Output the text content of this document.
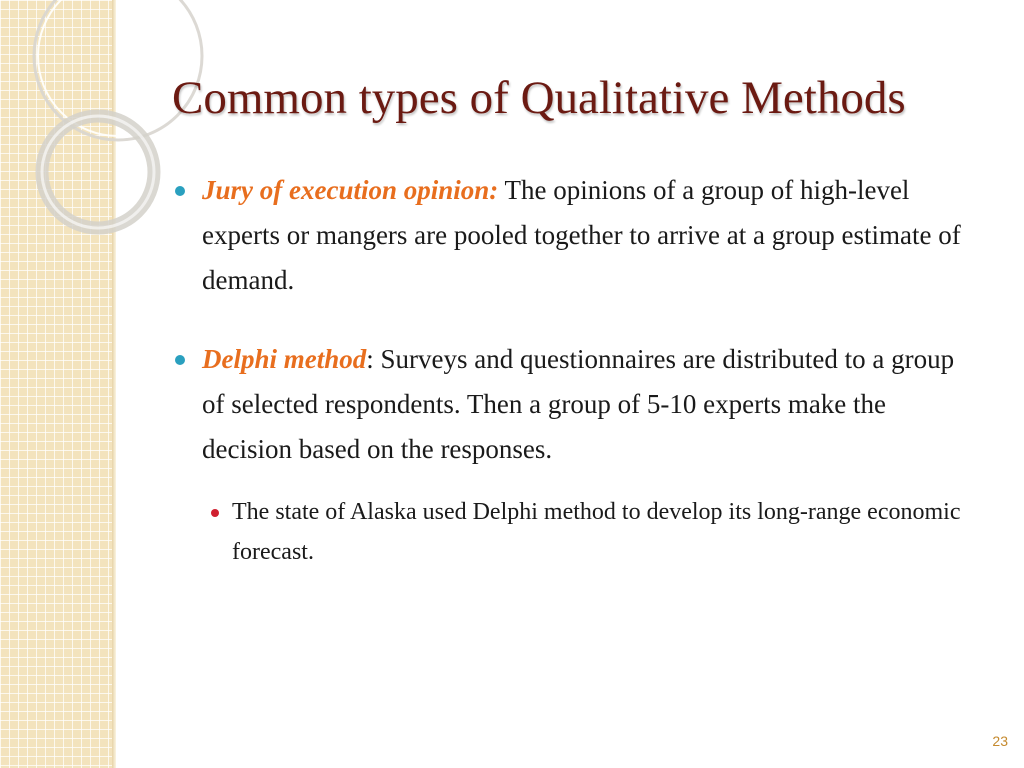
Common types of Qualitative Methods
Jury of execution opinion: The opinions of a group of high-level experts or mangers are pooled together to arrive at a group estimate of demand.
Delphi method: Surveys and questionnaires are distributed to a group of selected respondents. Then a group of 5-10 experts make the decision based on the responses.
The state of Alaska used Delphi method to develop its long-range economic forecast.
23
